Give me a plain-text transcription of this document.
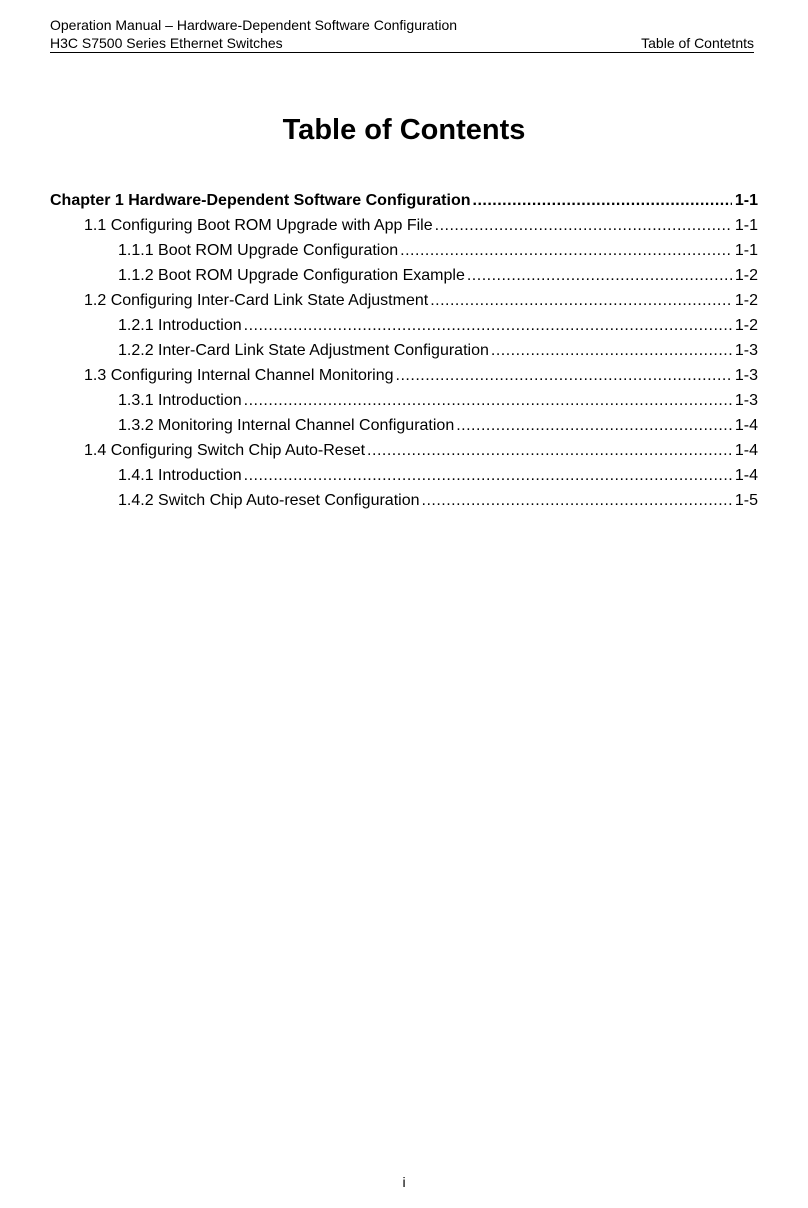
Operation Manual – Hardware-Dependent Software Configuration
H3C S7500 Series Ethernet Switches	Table of Contetnts
Table of Contents
Chapter 1 Hardware-Dependent Software Configuration .....	1-1
1.1 Configuring Boot ROM Upgrade with App File .....	1-1
1.1.1 Boot ROM Upgrade Configuration .....	1-1
1.1.2 Boot ROM Upgrade Configuration Example .....	1-2
1.2 Configuring Inter-Card Link State Adjustment .....	1-2
1.2.1 Introduction .....	1-2
1.2.2 Inter-Card Link State Adjustment Configuration .....	1-3
1.3 Configuring Internal Channel Monitoring .....	1-3
1.3.1 Introduction .....	1-3
1.3.2 Monitoring Internal Channel Configuration .....	1-4
1.4 Configuring Switch Chip Auto-Reset .....	1-4
1.4.1 Introduction .....	1-4
1.4.2 Switch Chip Auto-reset Configuration .....	1-5
i
